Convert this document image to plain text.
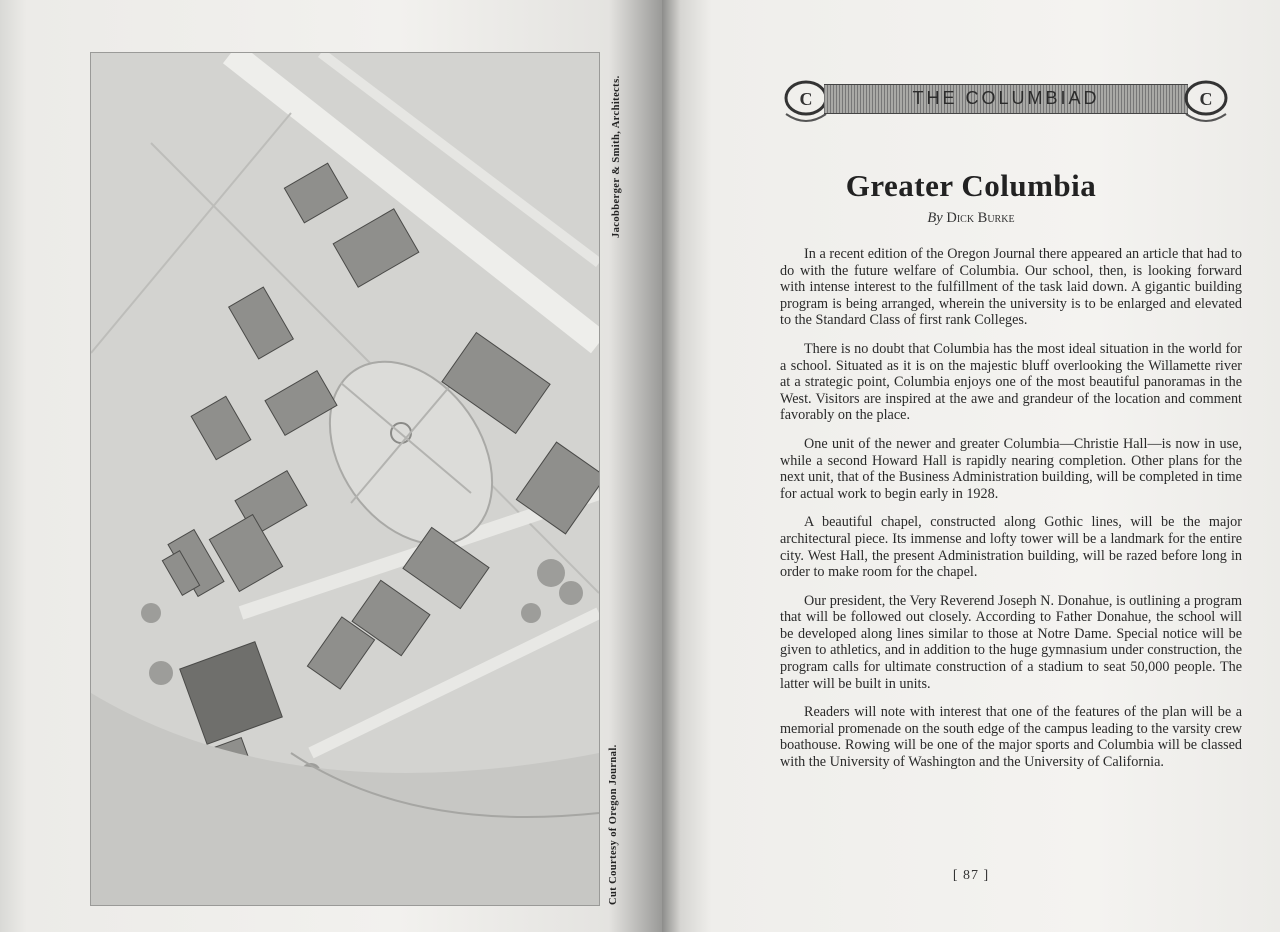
Jacobberger & Smith, Architects.
Cut Courtesy of Oregon Journal.
C	THE COLUMBIAD	C
Greater Columbia
By Dick Burke

In a recent edition of the Oregon Journal there appeared an article that had to do with the future welfare of Columbia. Our school, then, is looking forward with intense interest to the fulfillment of the task laid down. A gigantic building program is being arranged, wherein the university is to be enlarged and elevated to the Standard Class of first rank Colleges.

There is no doubt that Columbia has the most ideal situation in the world for a school. Situated as it is on the majestic bluff overlooking the Willamette river at a strategic point, Columbia enjoys one of the most beautiful panoramas in the West. Visitors are inspired at the awe and grandeur of the location and comment favorably on the place.

One unit of the newer and greater Columbia—Christie Hall—is now in use, while a second Howard Hall is rapidly nearing completion. Other plans for the next unit, that of the Business Administration building, will be completed in time for actual work to begin early in 1928.

A beautiful chapel, constructed along Gothic lines, will be the major architectural piece. Its immense and lofty tower will be a landmark for the entire city. West Hall, the present Administration building, will be razed before long in order to make room for the chapel.

Our president, the Very Reverend Joseph N. Donahue, is outlining a program that will be followed out closely. According to Father Donahue, the school will be developed along lines similar to those at Notre Dame. Special notice will be given to athletics, and in addition to the huge gymnasium under construction, the program calls for ultimate construction of a stadium to seat 50,000 people. The latter will be built in units.

Readers will note with interest that one of the features of the plan will be a memorial promenade on the south edge of the campus leading to the varsity crew boathouse. Rowing will be one of the major sports and Columbia will be classed with the University of Washington and the University of California.

[ 87 ]
